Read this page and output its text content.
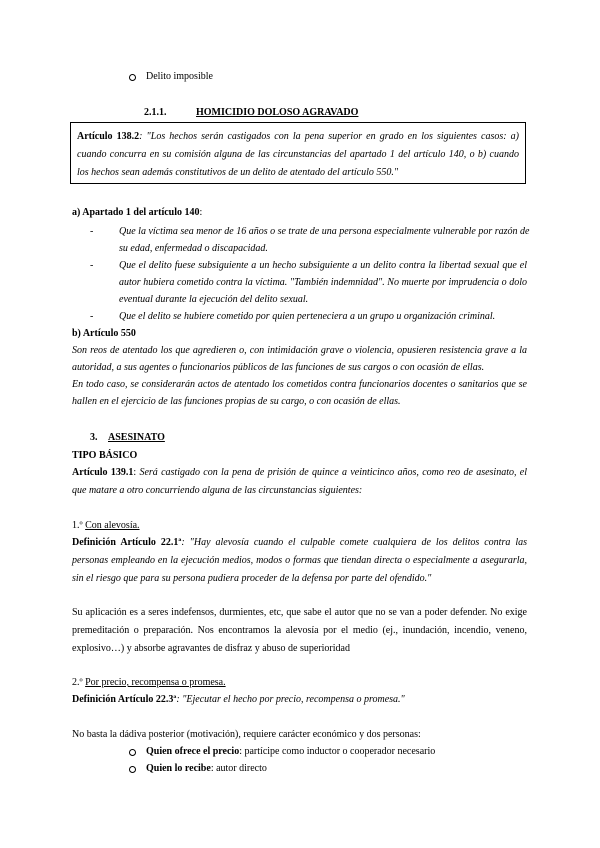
Delito imposible
2.1.1.	HOMICIDIO DOLOSO AGRAVADO
Artículo 138.2: "Los hechos serán castigados con la pena superior en grado en los siguientes casos: a)
cuando concurra en su comisión alguna de las circunstancias del apartado 1 del artículo 140, o b) cuando
los hechos sean además constitutivos de un delito de atentado del artículo 550."
a) Apartado 1 del artículo 140:
-	Que la víctima sea menor de 16 años o se trate de una persona especialmente vulnerable por razón de
su edad, enfermedad o discapacidad.
-	Que el delito fuese subsiguiente a un hecho subsiguiente a un delito contra la libertad sexual que el
autor hubiera cometido contra la víctima. "También indemnidad". No muerte por imprudencia o dolo
eventual durante la ejecución del delito sexual.
-	Que el delito se hubiere cometido por quien perteneciera a un grupo u organización criminal.
b) Artículo 550
Son reos de atentado los que agredieren o, con intimidación grave o violencia, opusieren resistencia grave a la
autoridad, a sus agentes o funcionarios públicos de las funciones de sus cargos o con ocasión de ellas.
En todo caso, se considerarán actos de atentado los cometidos contra funcionarios docentes o sanitarios que se
hallen en el ejercicio de las funciones propias de su cargo, o con ocasión de ellas.
3. ASESINATO
TIPO BÁSICO
Artículo 139.1: Será castigado con la pena de prisión de quince a veinticinco años, como reo de asesinato, el
que matare a otro concurriendo alguna de las circunstancias siguientes:
1.º Con alevosía.
Definición Artículo 22.1ª: "Hay alevosía cuando el culpable comete cualquiera de los delitos contra las
personas empleando en la ejecución medios, modos o formas que tiendan directa o especialmente a asegurarla,
sin el riesgo que para su persona pudiera proceder de la defensa por parte del ofendido."
Su aplicación es a seres indefensos, durmientes, etc, que sabe el autor que no se van a poder defender. No exige
premeditación o preparación. Nos encontramos la alevosía por el medio (ej., inundación, incendio, veneno,
explosivo…) y absorbe agravantes de disfraz y abuso de superioridad
2.º Por precio, recompensa o promesa.
Definición Artículo 22.3ª: "Ejecutar el hecho por precio, recompensa o promesa."
No basta la dádiva posterior (motivación), requiere carácter económico y dos personas:
Quien ofrece el precio: partícipe como inductor o cooperador necesario
Quien lo recibe: autor directo
